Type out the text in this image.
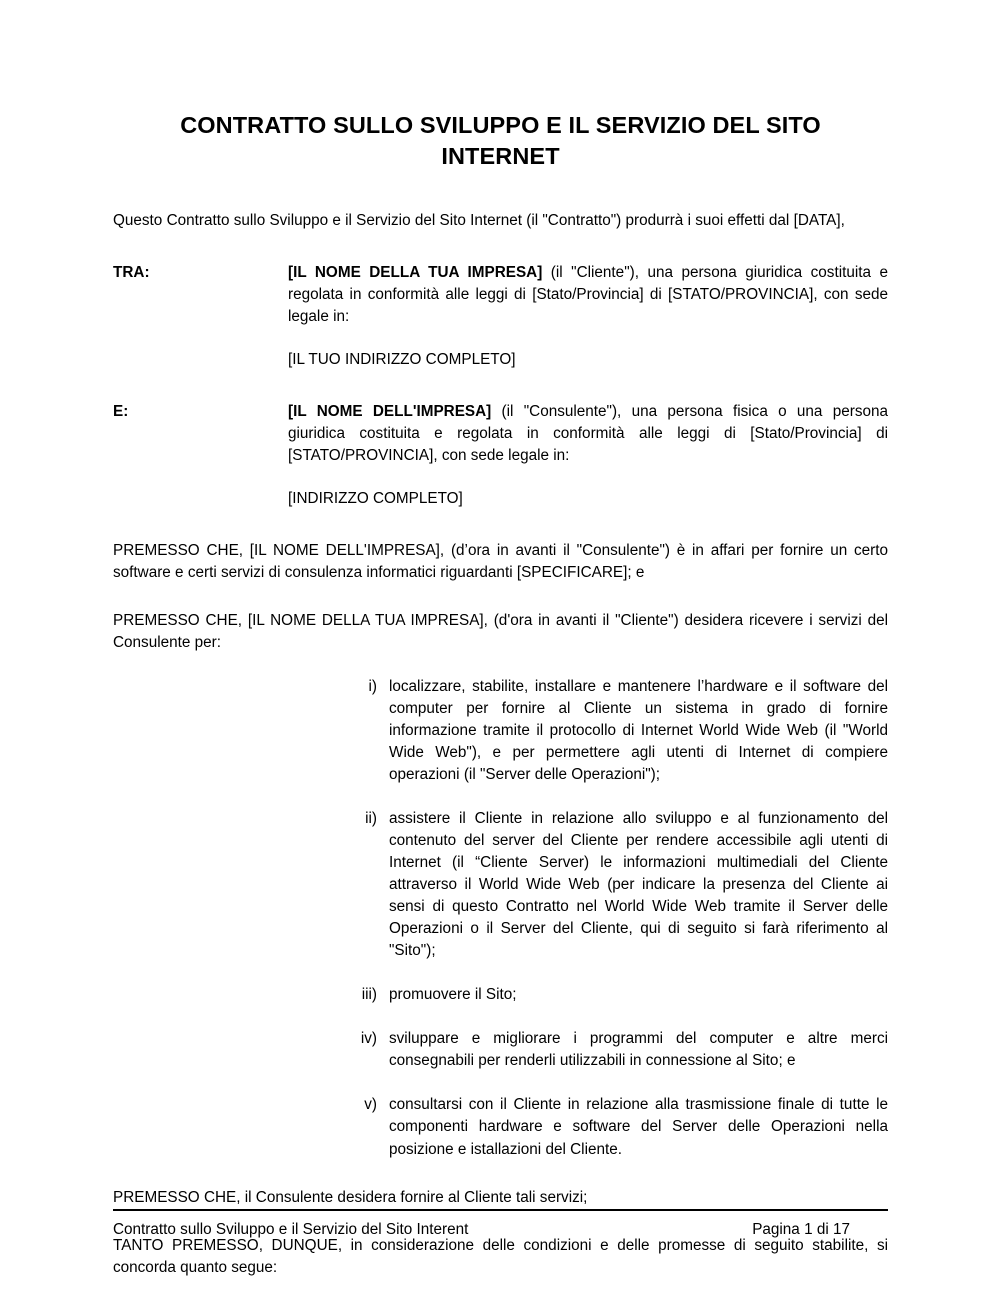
CONTRATTO SULLO SVILUPPO E IL SERVIZIO DEL SITO INTERNET

Questo Contratto sullo Sviluppo e il Servizio del Sito Internet (il "Contratto") produrrà i suoi effetti dal [DATA],

TRA:	[IL NOME DELLA TUA IMPRESA] (il "Cliente"), una persona giuridica costituita e regolata in conformità alle leggi di [Stato/Provincia] di [STATO/PROVINCIA], con sede legale in:

[IL TUO INDIRIZZO COMPLETO]

E:	[IL NOME DELL'IMPRESA] (il "Consulente"), una persona fisica o una persona giuridica costituita e regolata in conformità alle leggi di [Stato/Provincia] di [STATO/PROVINCIA], con sede legale in:

[INDIRIZZO COMPLETO]

PREMESSO CHE, [IL NOME DELL'IMPRESA], (d’ora in avanti il "Consulente") è in affari per fornire un certo software e certi servizi di consulenza informatici riguardanti [SPECIFICARE]; e

PREMESSO CHE, [IL NOME DELLA TUA IMPRESA], (d'ora in avanti il "Cliente") desidera ricevere i servizi del Consulente per:

i) localizzare, stabilite, installare e mantenere l’hardware e il software del computer per fornire al Cliente un sistema in grado di fornire informazione tramite il protocollo di Internet World Wide Web (il "World Wide Web"), e per permettere agli utenti di Internet di compiere operazioni (il "Server delle Operazioni");
ii) assistere il Cliente in relazione allo sviluppo e al funzionamento del contenuto del server del Cliente per rendere accessibile agli utenti di Internet (il “Cliente Server) le informazioni multimediali del Cliente attraverso il World Wide Web (per indicare la presenza del Cliente ai sensi di questo Contratto nel World Wide Web tramite il Server delle Operazioni o il Server del Cliente, qui di seguito si farà riferimento al "Sito");
iii) promuovere il Sito;
iv) sviluppare e migliorare i programmi del computer e altre merci consegnabili per renderli utilizzabili in connessione al Sito; e
v) consultarsi con il Cliente in relazione alla trasmissione finale di tutte le componenti hardware e software del Server delle Operazioni nella posizione e istallazioni del Cliente.

PREMESSO CHE, il Consulente desidera fornire al Cliente tali servizi;

TANTO PREMESSO, DUNQUE, in considerazione delle condizioni e delle promesse di seguito stabilite, si concorda quanto segue:

Contratto sullo Sviluppo e il Servizio del Sito Interent	Pagina 1 di 17
